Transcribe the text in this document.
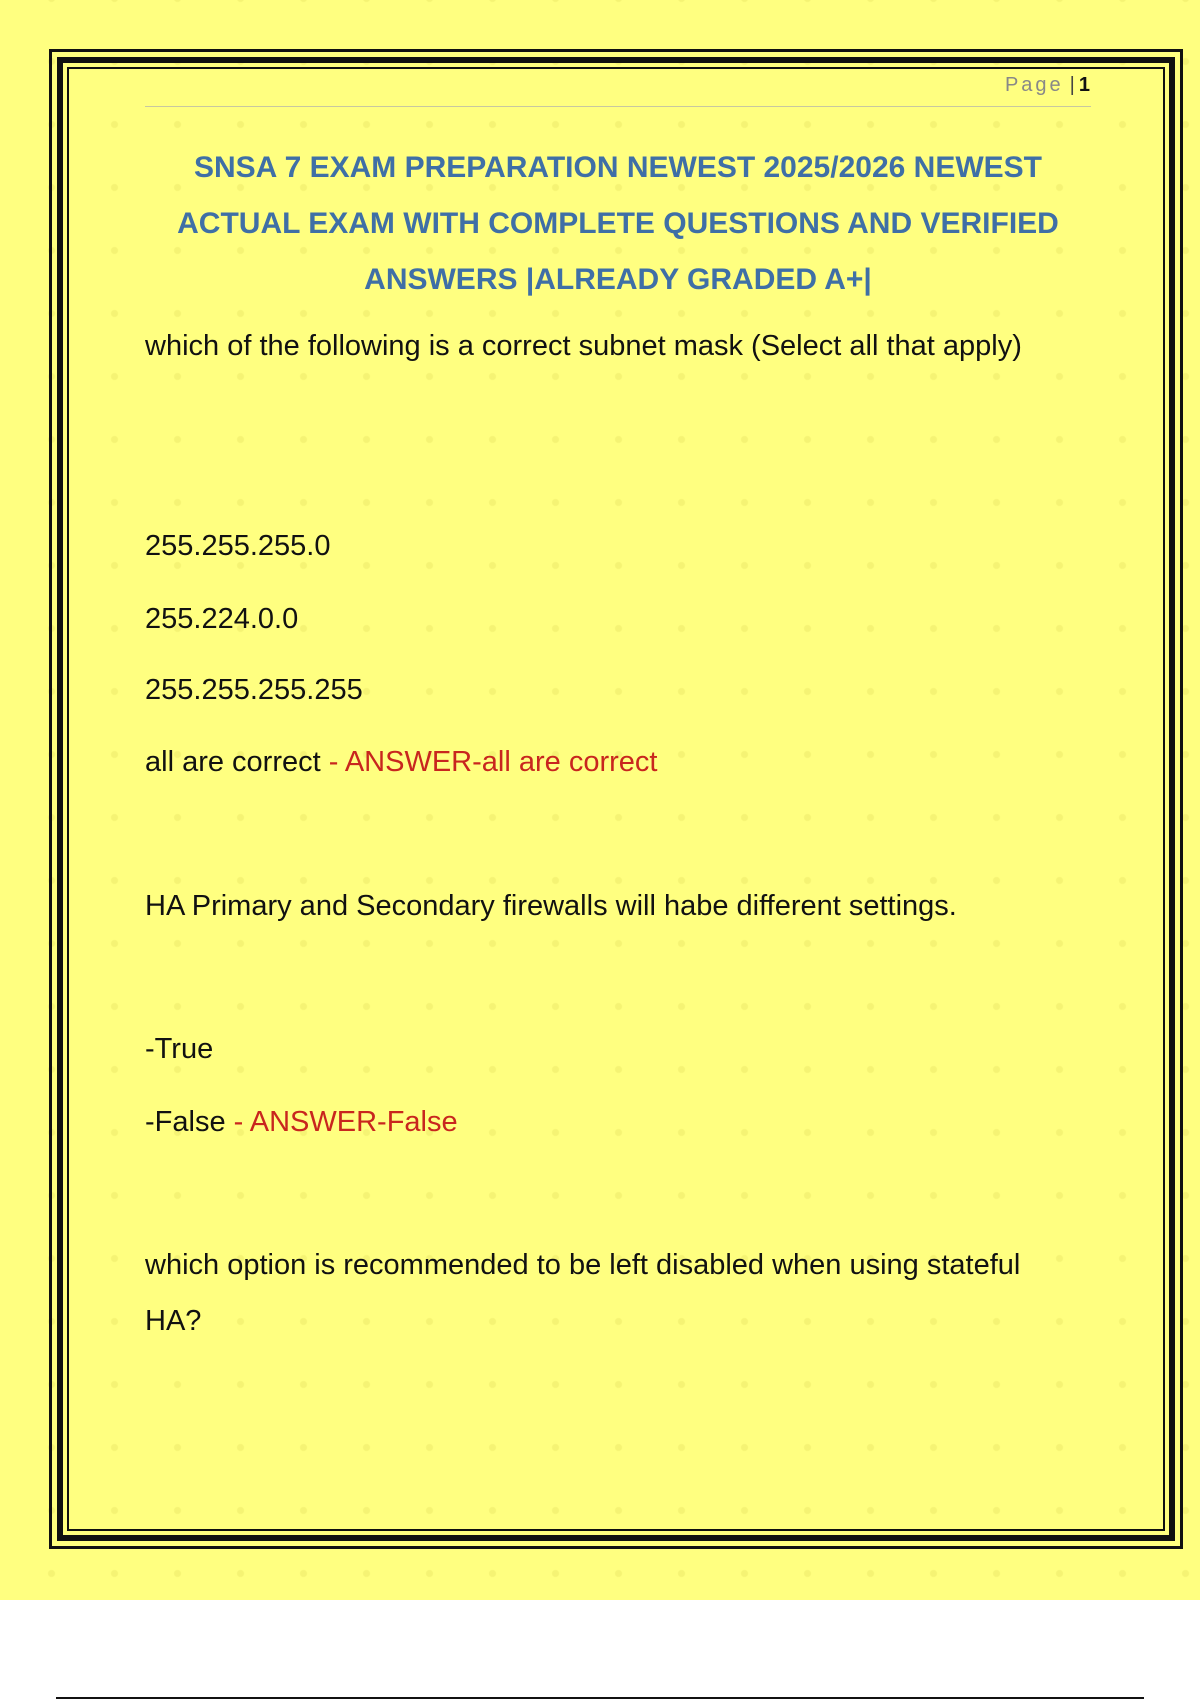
Page | 1
SNSA 7 EXAM PREPARATION NEWEST 2025/2026 NEWEST ACTUAL EXAM WITH COMPLETE QUESTIONS AND VERIFIED ANSWERS |ALREADY GRADED A+|

which of the following is a correct subnet mask (Select all that apply)

255.255.255.0

255.224.0.0

255.255.255.255

all are correct - ANSWER-all are correct

HA Primary and Secondary firewalls will habe different settings.

-True

-False - ANSWER-False

which option is recommended to be left disabled when using stateful HA?
